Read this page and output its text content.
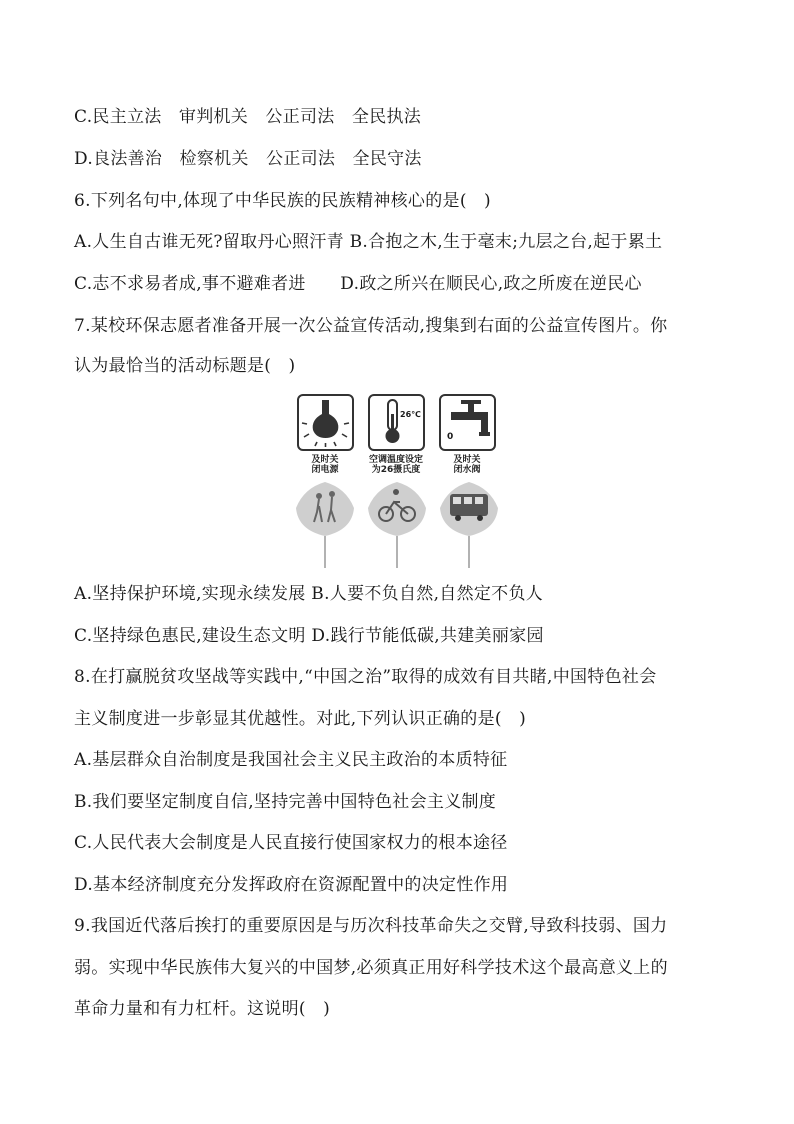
C.民主立法　审判机关　公正司法　全民执法
D.良法善治　检察机关　公正司法　全民守法
6.下列名句中,体现了中华民族的民族精神核心的是(　)
A.人生自古谁无死?留取丹心照汗青 B.合抱之木,生于毫末;九层之台,起于累土
C.志不求易者成,事不避难者进　　D.政之所兴在顺民心,政之所废在逆民心
7.某校环保志愿者准备开展一次公益宣传活动,搜集到右面的公益宣传图片。你
认为最恰当的活动标题是(　)
及时关
闭电源
26℃
空调温度设定
为26摄氏度
0
及时关
闭水阀
A.坚持保护环境,实现永续发展 B.人要不负自然,自然定不负人
C.坚持绿色惠民,建设生态文明 D.践行节能低碳,共建美丽家园
8.在打赢脱贫攻坚战等实践中,“中国之治”取得的成效有目共睹,中国特色社会
主义制度进一步彰显其优越性。对此,下列认识正确的是(　)
A.基层群众自治制度是我国社会主义民主政治的本质特征
B.我们要坚定制度自信,坚持完善中国特色社会主义制度
C.人民代表大会制度是人民直接行使国家权力的根本途径
D.基本经济制度充分发挥政府在资源配置中的决定性作用
9.我国近代落后挨打的重要原因是与历次科技革命失之交臂,导致科技弱、国力
弱。实现中华民族伟大复兴的中国梦,必须真正用好科学技术这个最高意义上的
革命力量和有力杠杆。这说明(　)
